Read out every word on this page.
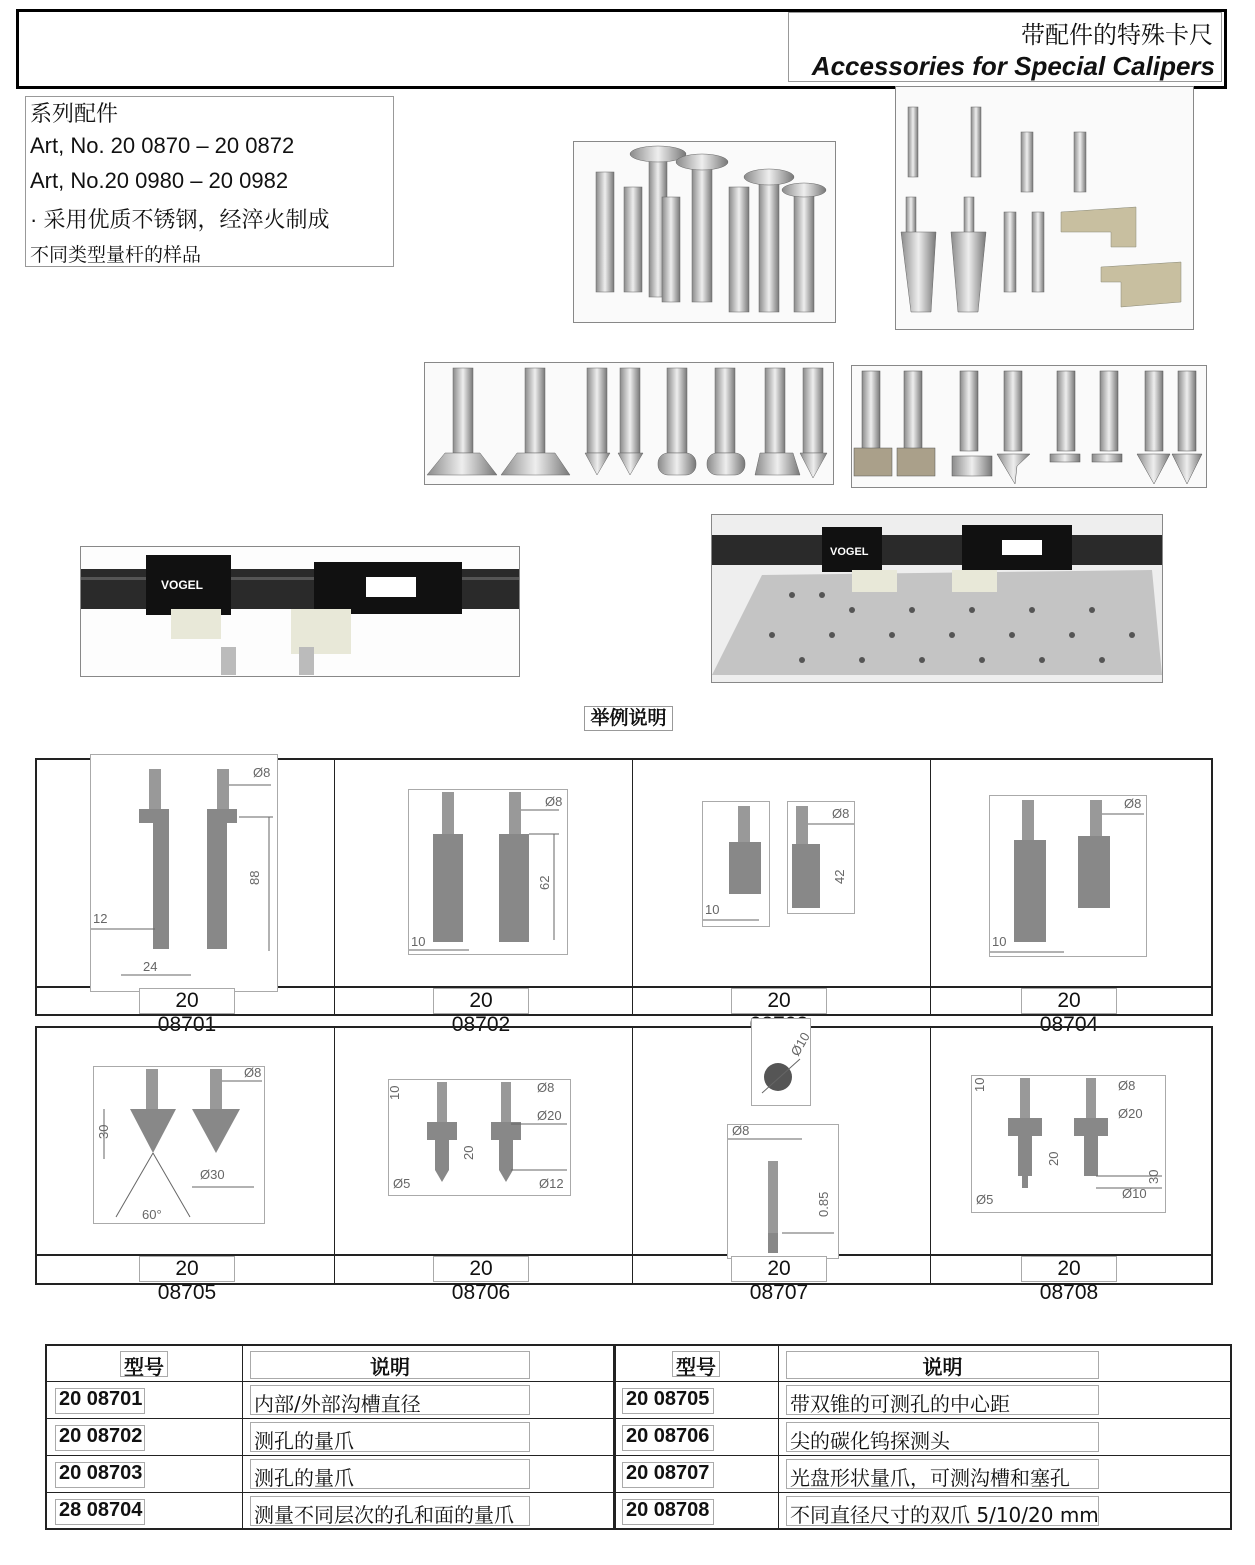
带配件的特殊卡尺
Accessories for Special Calipers
系列配件
Art, No. 20 0870 – 20 0872
Art, No.20 0980 – 20 0982
· 采用优质不锈钢，经淬火制成
不同类型量杆的样品
VOGEL
VOGEL
举例说明
Ø8
88
12
24
20 08701
Ø8
62
10
20 08702
10
Ø8
42
20
Ø8
10
20 08704
Ø8
30
Ø30
60°
20 08705
10	Ø8
Ø20
20
Ø5	Ø12
20 08706
Ø10
Ø8
0.85
20 08707
10	Ø8
Ø20
20
30
Ø5	Ø10
20 08708
型号	说明	型号	说明
20 08701	内部/外部沟槽直径	20 08705	带双锥的可测孔的中心距
20 08702	测孔的量爪	20 08706	尖的碳化钨探测头
20 08703	测孔的量爪	20 08707	光盘形状量爪，可测沟槽和塞孔
28 08704	测量不同层次的孔和面的量爪	20 08708	不同直径尺寸的双爪 5/10/20 mm
